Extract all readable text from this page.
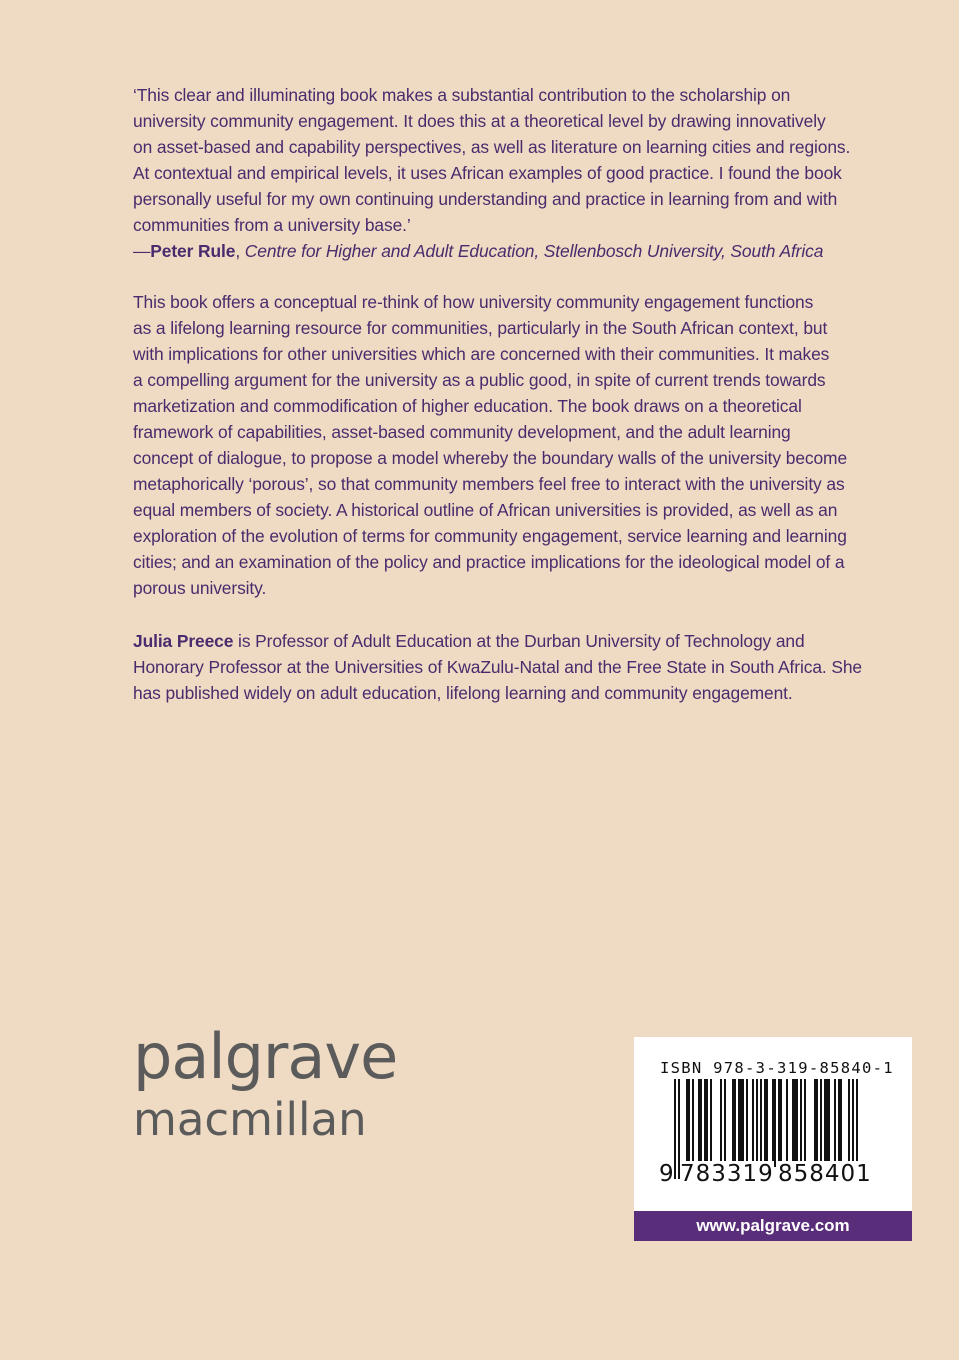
‘This clear and illuminating book makes a substantial contribution to the scholarship on
university community engagement. It does this at a theoretical level by drawing innovatively
on asset-based and capability perspectives, as well as literature on learning cities and regions.
At contextual and empirical levels, it uses African examples of good practice. I found the book
personally useful for my own continuing understanding and practice in learning from and with
communities from a university base.’
—Peter Rule, Centre for Higher and Adult Education, Stellenbosch University, South Africa
This book offers a conceptual re-think of how university community engagement functions
as a lifelong learning resource for communities, particularly in the South African context, but
with implications for other universities which are concerned with their communities. It makes
a compelling argument for the university as a public good, in spite of current trends towards
marketization and commodification of higher education. The book draws on a theoretical
framework of capabilities, asset-based community development, and the adult learning
concept of dialogue, to propose a model whereby the boundary walls of the university become
metaphorically ‘porous’, so that community members feel free to interact with the university as
equal members of society. A historical outline of African universities is provided, as well as an
exploration of the evolution of terms for community engagement, service learning and learning
cities; and an examination of the policy and practice implications for the ideological model of a
porous university.
Julia Preece is Professor of Adult Education at the Durban University of Technology and
Honorary Professor at the Universities of KwaZulu-Natal and the Free State in South Africa. She
has published widely on adult education, lifelong learning and community engagement.
palgrave
macmillan
ISBN 978-3-319-85840-1
9 783319 858401
www.palgrave.com
